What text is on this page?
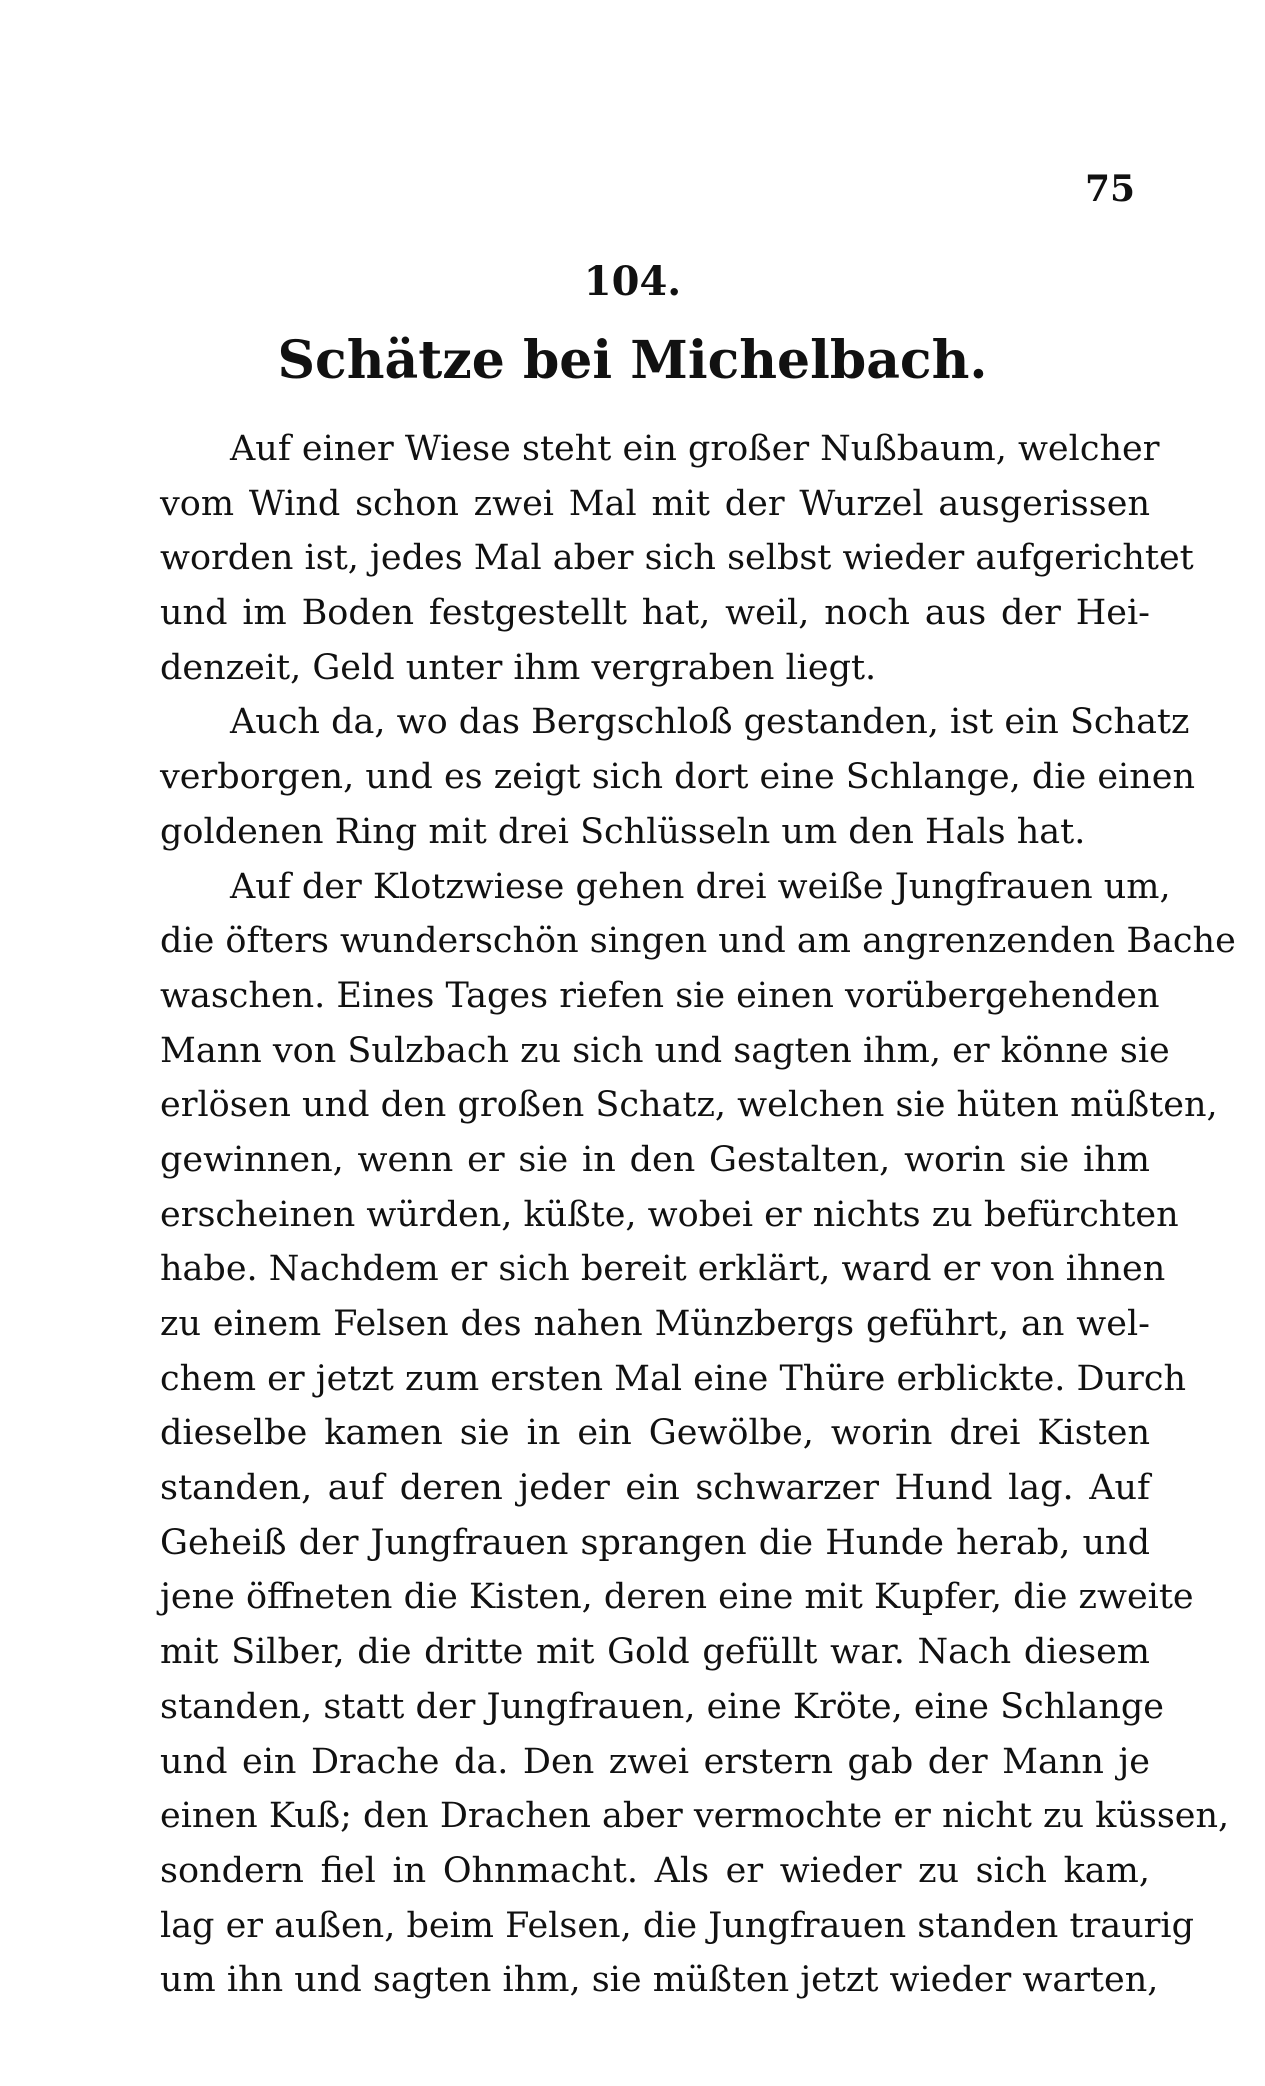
75
104.
Schätze bei Michelbach.
Auf einer Wiese steht ein großer Nußbaum, welcher
vom Wind schon zwei Mal mit der Wurzel ausgerissen
worden ist, jedes Mal aber sich selbst wieder aufgerichtet
und im Boden festgestellt hat, weil, noch aus der Hei-
denzeit, Geld unter ihm vergraben liegt.
Auch da, wo das Bergschloß gestanden, ist ein Schatz
verborgen, und es zeigt sich dort eine Schlange, die einen
goldenen Ring mit drei Schlüsseln um den Hals hat.
Auf der Klotzwiese gehen drei weiße Jungfrauen um,
die öfters wunderschön singen und am angrenzenden Bache
waschen. Eines Tages riefen sie einen vorübergehenden
Mann von Sulzbach zu sich und sagten ihm, er könne sie
erlösen und den großen Schatz, welchen sie hüten müßten,
gewinnen, wenn er sie in den Gestalten, worin sie ihm
erscheinen würden, küßte, wobei er nichts zu befürchten
habe. Nachdem er sich bereit erklärt, ward er von ihnen
zu einem Felsen des nahen Münzbergs geführt, an wel-
chem er jetzt zum ersten Mal eine Thüre erblickte. Durch
dieselbe kamen sie in ein Gewölbe, worin drei Kisten
standen, auf deren jeder ein schwarzer Hund lag. Auf
Geheiß der Jungfrauen sprangen die Hunde herab, und
jene öffneten die Kisten, deren eine mit Kupfer, die zweite
mit Silber, die dritte mit Gold gefüllt war. Nach diesem
standen, statt der Jungfrauen, eine Kröte, eine Schlange
und ein Drache da. Den zwei erstern gab der Mann je
einen Kuß; den Drachen aber vermochte er nicht zu küssen,
sondern fiel in Ohnmacht. Als er wieder zu sich kam,
lag er außen, beim Felsen, die Jungfrauen standen traurig
um ihn und sagten ihm, sie müßten jetzt wieder warten,
